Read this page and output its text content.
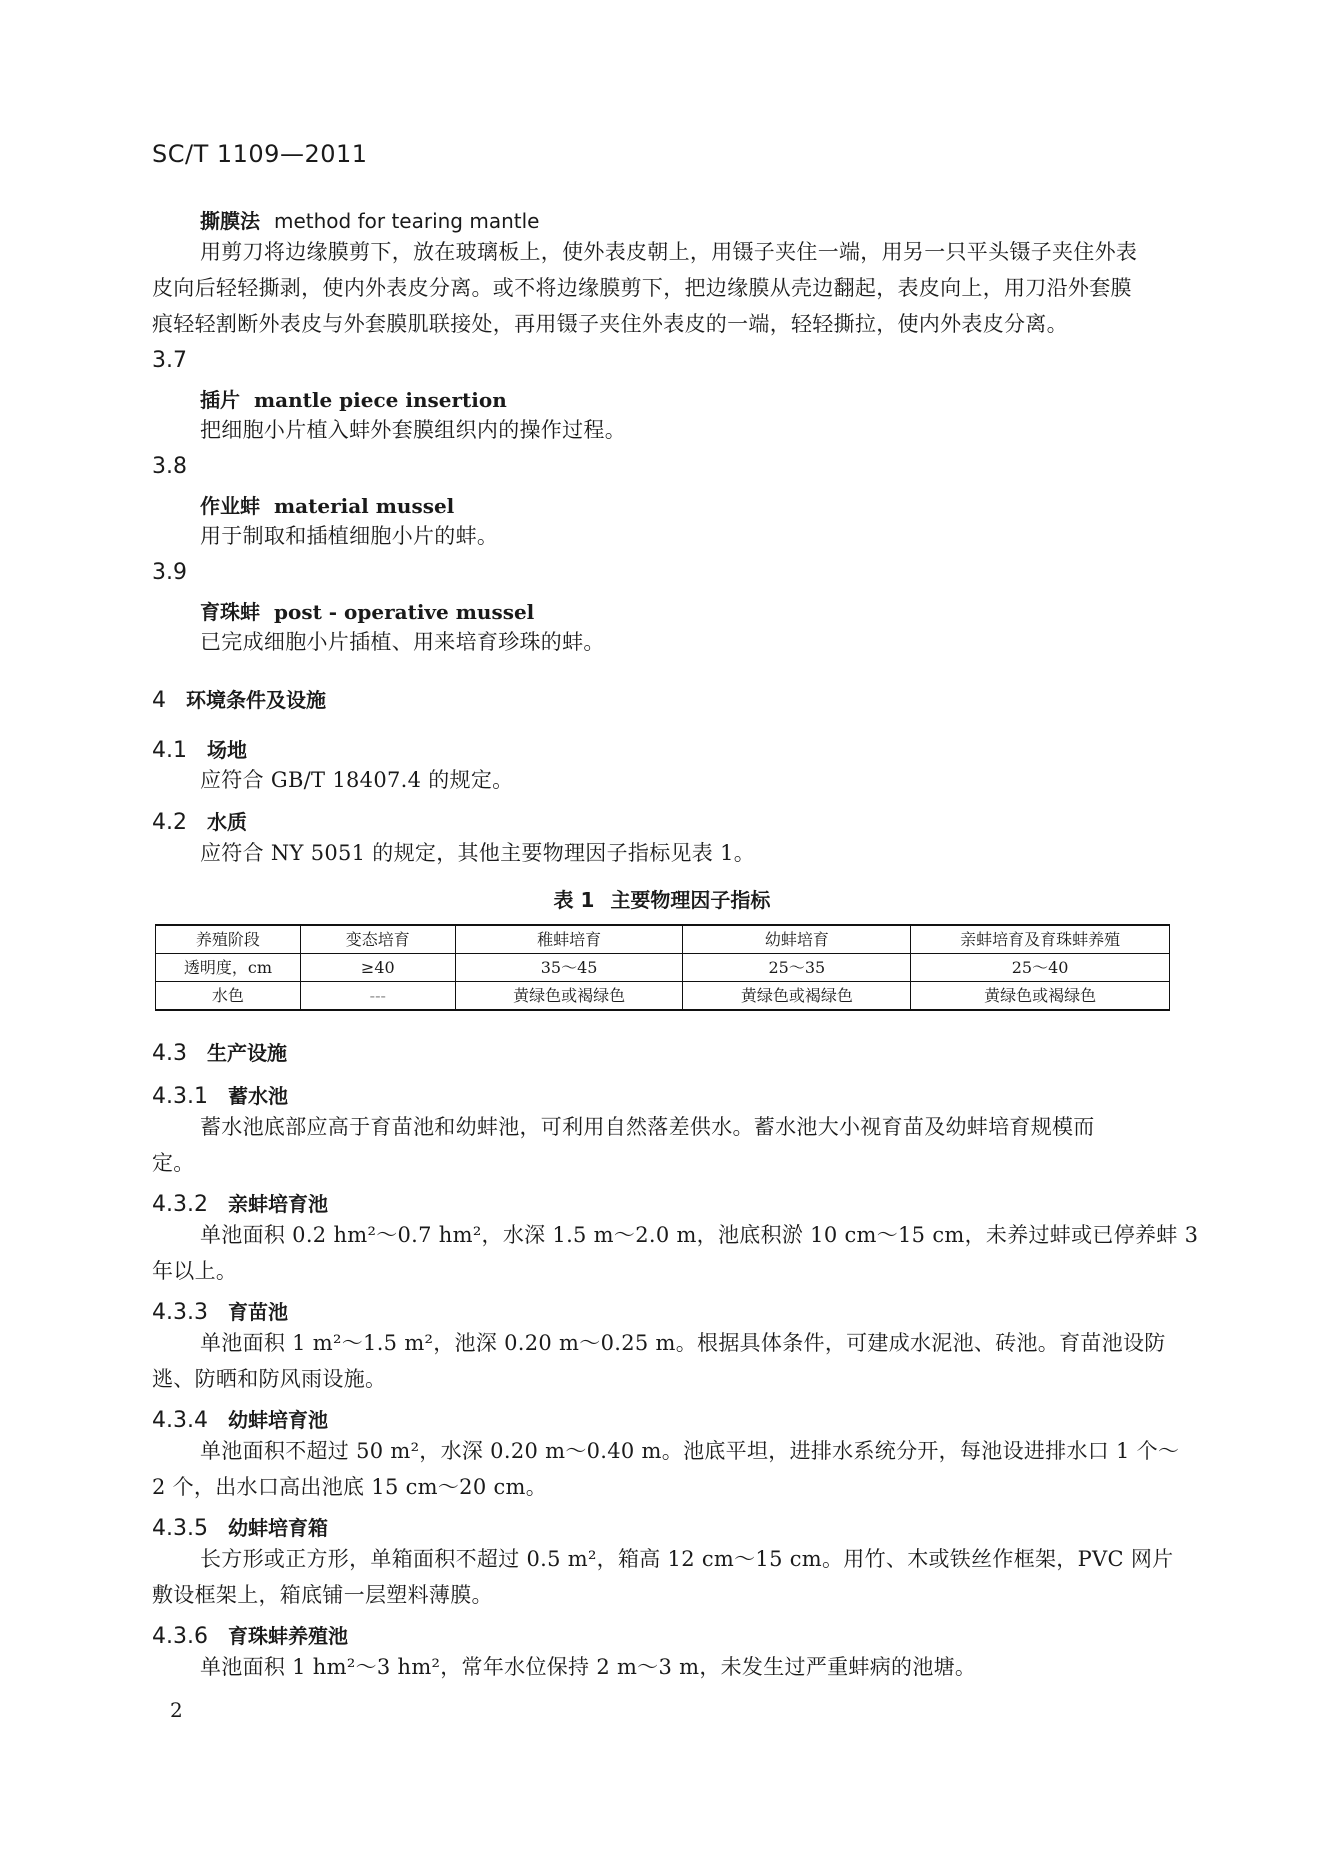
SC/T 1109—2011
撕膜法 method for tearing mantle
用剪刀将边缘膜剪下，放在玻璃板上，使外表皮朝上，用镊子夹住一端，用另一只平头镊子夹住外表
皮向后轻轻撕剥，使内外表皮分离。或不将边缘膜剪下，把边缘膜从壳边翻起，表皮向上，用刀沿外套膜
痕轻轻割断外表皮与外套膜肌联接处，再用镊子夹住外表皮的一端，轻轻撕拉，使内外表皮分离。
3.7
插片 mantle piece insertion
把细胞小片植入蚌外套膜组织内的操作过程。
3.8
作业蚌 material mussel
用于制取和插植细胞小片的蚌。
3.9
育珠蚌 post - operative mussel
已完成细胞小片插植、用来培育珍珠的蚌。
4 环境条件及设施
4.1 场地
应符合 GB/T 18407.4 的规定。
4.2 水质
应符合 NY 5051 的规定，其他主要物理因子指标见表 1。
表 1 主要物理因子指标
养殖阶段	变态培育	稚蚌培育	幼蚌培育	亲蚌培育及育珠蚌养殖
透明度，cm	≥40	35～45	25～35	25～40
水色	---	黄绿色或褐绿色	黄绿色或褐绿色	黄绿色或褐绿色
4.3 生产设施
4.3.1 蓄水池
蓄水池底部应高于育苗池和幼蚌池，可利用自然落差供水。蓄水池大小视育苗及幼蚌培育规模而
定。
4.3.2 亲蚌培育池
单池面积 0.2 hm²～0.7 hm²，水深 1.5 m～2.0 m，池底积淤 10 cm～15 cm，未养过蚌或已停养蚌 3
年以上。
4.3.3 育苗池
单池面积 1 m²～1.5 m²，池深 0.20 m～0.25 m。根据具体条件，可建成水泥池、砖池。育苗池设防
逃、防晒和防风雨设施。
4.3.4 幼蚌培育池
单池面积不超过 50 m²，水深 0.20 m～0.40 m。池底平坦，进排水系统分开，每池设进排水口 1 个～
2 个，出水口高出池底 15 cm～20 cm。
4.3.5 幼蚌培育箱
长方形或正方形，单箱面积不超过 0.5 m²，箱高 12 cm～15 cm。用竹、木或铁丝作框架，PVC 网片
敷设框架上，箱底铺一层塑料薄膜。
4.3.6 育珠蚌养殖池
单池面积 1 hm²～3 hm²，常年水位保持 2 m～3 m，未发生过严重蚌病的池塘。
2
